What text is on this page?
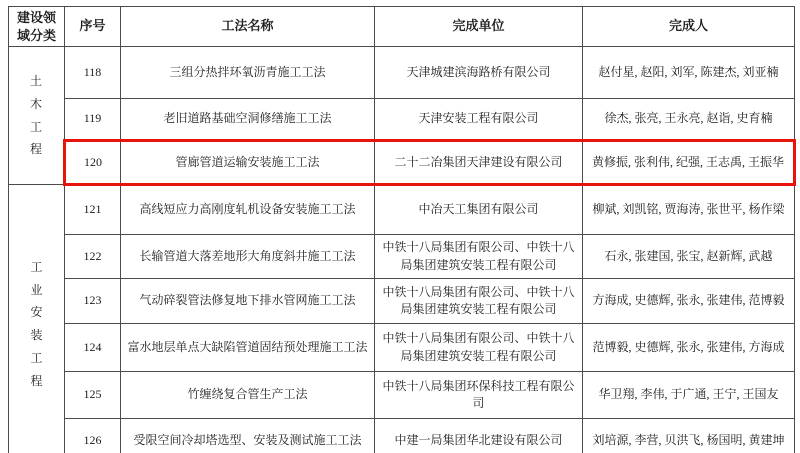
建设领域分类	序号	工法名称	完成单位	完成人

土木工程	118	三组分热拌环氧沥青施工工法	天津城建滨海路桥有限公司	赵付星, 赵阳, 刘军, 陈建杰, 刘亚楠
	119	老旧道路基础空洞修缮施工工法	天津安装工程有限公司	徐杰, 张亮, 王永亮, 赵诣, 史育楠
	120	管廊管道运输安装施工工法	二十二冶集团天津建设有限公司	黄修振, 张利伟, 纪强, 王志禹, 王振华

工业安装工程	121	高线短应力高刚度轧机设备安装施工工法	中冶天工集团有限公司	柳斌, 刘凯铭, 贾海涛, 张世平, 杨作梁
	122	长输管道大落差地形大角度斜井施工工法	中铁十八局集团有限公司、中铁十八局集团建筑安装工程有限公司	石永, 张建国, 张宝, 赵新辉, 武越
	123	气动碎裂管法修复地下排水管网施工工法	中铁十八局集团有限公司、中铁十八局集团建筑安装工程有限公司	方海成, 史德辉, 张永, 张建伟, 范博毅
	124	富水地层单点大缺陷管道固结预处理施工工法	中铁十八局集团有限公司、中铁十八局集团建筑安装工程有限公司	范博毅, 史德辉, 张永, 张建伟, 方海成
	125	竹缠绕复合管生产工法	中铁十八局集团环保科技工程有限公司	华卫翔, 李伟, 于广通, 王宁, 王国友
	126	受限空间冷却塔选型、安装及测试施工工法	中建一局集团华北建设有限公司	刘培源, 李营, 贝洪飞, 杨国明, 黄建坤
